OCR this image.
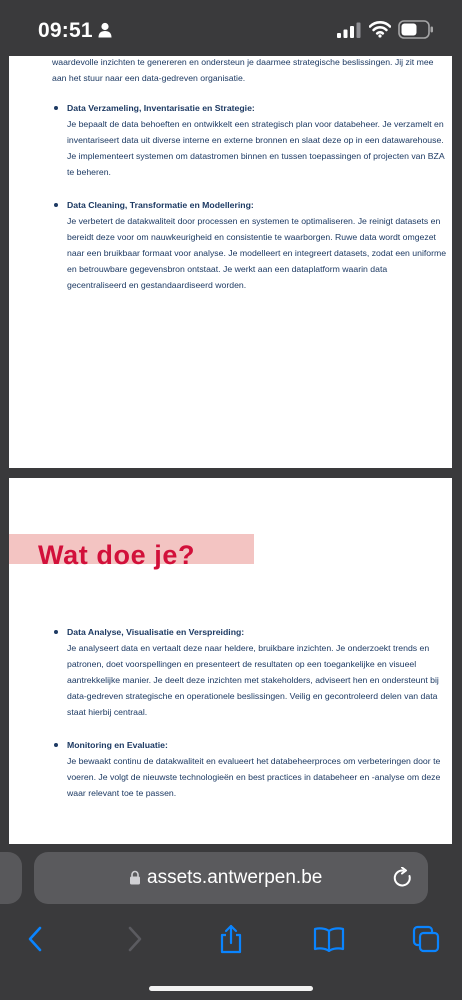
09:51

waardevolle inzichten te genereren en ondersteun je daarmee strategische beslissingen. Jij zit mee aan het stuur naar een data-gedreven organisatie.

Data Verzameling, Inventarisatie en Strategie:
Je bepaalt de data behoeften en ontwikkelt een strategisch plan voor databeheer. Je verzamelt en inventariseert data uit diverse interne en externe bronnen en slaat deze op in een datawarehouse. Je implementeert systemen om datastromen binnen en tussen toepassingen of projecten van BZA te beheren.
Data Cleaning, Transformatie en Modellering:
Je verbetert de datakwaliteit door processen en systemen te optimaliseren. Je reinigt datasets en bereidt deze voor om nauwkeurigheid en consistentie te waarborgen. Ruwe data wordt omgezet naar een bruikbaar formaat voor analyse. Je modelleert en integreert datasets, zodat een uniforme en betrouwbare gegevensbron ontstaat. Je werkt aan een dataplatform waarin data gecentraliseerd en gestandaardiseerd worden.
Wat doe je?
Data Analyse, Visualisatie en Verspreiding:
Je analyseert data en vertaalt deze naar heldere, bruikbare inzichten. Je onderzoekt trends en patronen, doet voorspellingen en presenteert de resultaten op een toegankelijke en visueel aantrekkelijke manier. Je deelt deze inzichten met stakeholders, adviseert hen en ondersteunt bij data-gedreven strategische en operationele beslissingen. Veilig en gecontroleerd delen van data staat hierbij centraal.
Monitoring en Evaluatie:
Je bewaakt continu de datakwaliteit en evalueert het databeheerproces om verbeteringen door te voeren. Je volgt de nieuwste technologieën en best practices in databeheer en -analyse om deze waar relevant toe te passen.
assets.antwerpen.be
